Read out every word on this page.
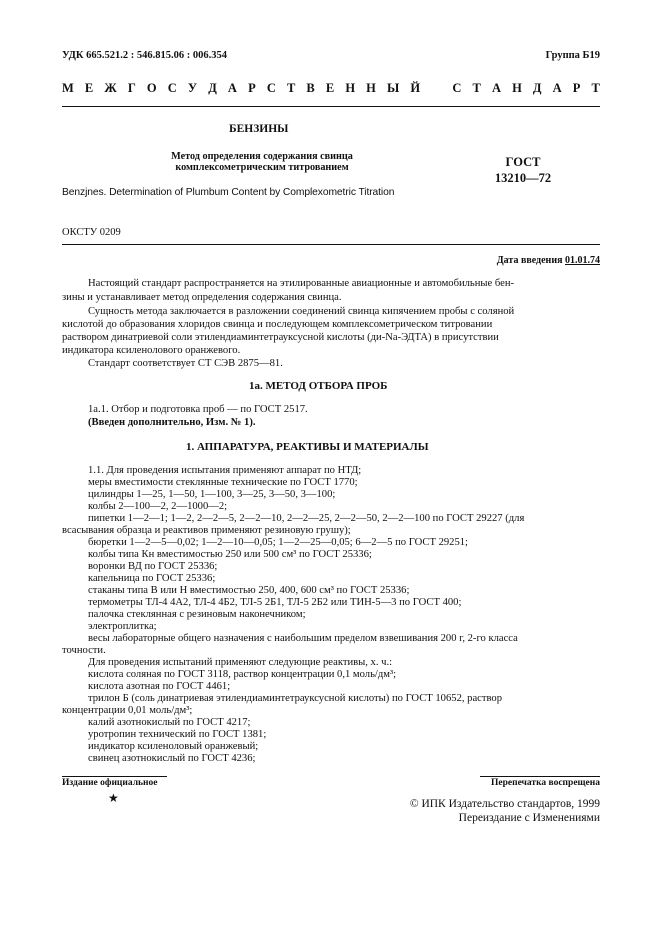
УДК 665.521.2 : 546.815.06 : 006.354	Группа Б19
М Е Ж Г О С У Д А Р С Т В Е Н Н Ы Й	С Т А Н Д А Р Т
БЕНЗИНЫ
Метод определения содержания свинца
комплексометрическим титрованием	ГОСТ
13210—72
Benzjnes. Determination of Plumbum Content by Complexometric Titration
ОКСТУ 0209
Дата введения 01.01.74
Настоящий стандарт распространяется на этилированные авиационные и автомобильные бен-
зины и устанавливает метод определения содержания свинца.
Сущность метода заключается в разложении соединений свинца кипячением пробы с соляной
кислотой до образования хлоридов свинца и последующем комплексометрическом титровании
раствором динатриевой соли этилендиаминтетрауксусной кислоты (ди-Na-ЭДТА) в присутствии
индикатора ксиленолового оранжевого.
Стандарт соответствует СТ СЭВ 2875—81.
1а. МЕТОД ОТБОРА ПРОБ
1а.1. Отбор и подготовка проб — по ГОСТ 2517.
(Введен дополнительно, Изм. № 1).
1. АППАРАТУРА, РЕАКТИВЫ И МАТЕРИАЛЫ
1.1. Для проведения испытания применяют аппарат по НТД;
меры вместимости стеклянные технические по ГОСТ 1770;
цилиндры 1—25, 1—50, 1—100, 3—25, 3—50, 3—100;
колбы 2—100—2, 2—1000—2;
пипетки 1—2—1; 1—2, 2—2—5, 2—2—10, 2—2—25, 2—2—50, 2—2—100 по ГОСТ 29227 (для
всасывания образца и реактивов применяют резиновую грушу);
бюретки 1—2—5—0,02; 1—2—10—0,05; 1—2—25—0,05; 6—2—5 по ГОСТ 29251;
колбы типа Кн вместимостью 250 или 500 см³ по ГОСТ 25336;
воронки ВД по ГОСТ 25336;
капельница по ГОСТ 25336;
стаканы типа В или Н вместимостью 250, 400, 600 см³ по ГОСТ 25336;
термометры ТЛ-4 4А2, ТЛ-4 4Б2, ТЛ-5 2Б1, ТЛ-5 2Б2 или ТИН-5—3 по ГОСТ 400;
палочка стеклянная с резиновым наконечником;
электроплитка;
весы лабораторные общего назначения с наибольшим пределом взвешивания 200 г, 2-го класса
точности.
Для проведения испытаний применяют следующие реактивы, х. ч.:
кислота соляная по ГОСТ 3118, раствор концентрации 0,1 моль/дм³;
кислота азотная по ГОСТ 4461;
трилон Б (соль динатриевая этилендиаминтетрауксусной кислоты) по ГОСТ 10652, раствор
концентрации 0,01 моль/дм³;
калий азотнокислый по ГОСТ 4217;
уротропин технический по ГОСТ 1381;
индикатор ксиленоловый оранжевый;
свинец азотнокислый по ГОСТ 4236;
Издание официальное	Перепечатка воспрещена
★	© ИПК Издательство стандартов, 1999
Переиздание с Изменениями
